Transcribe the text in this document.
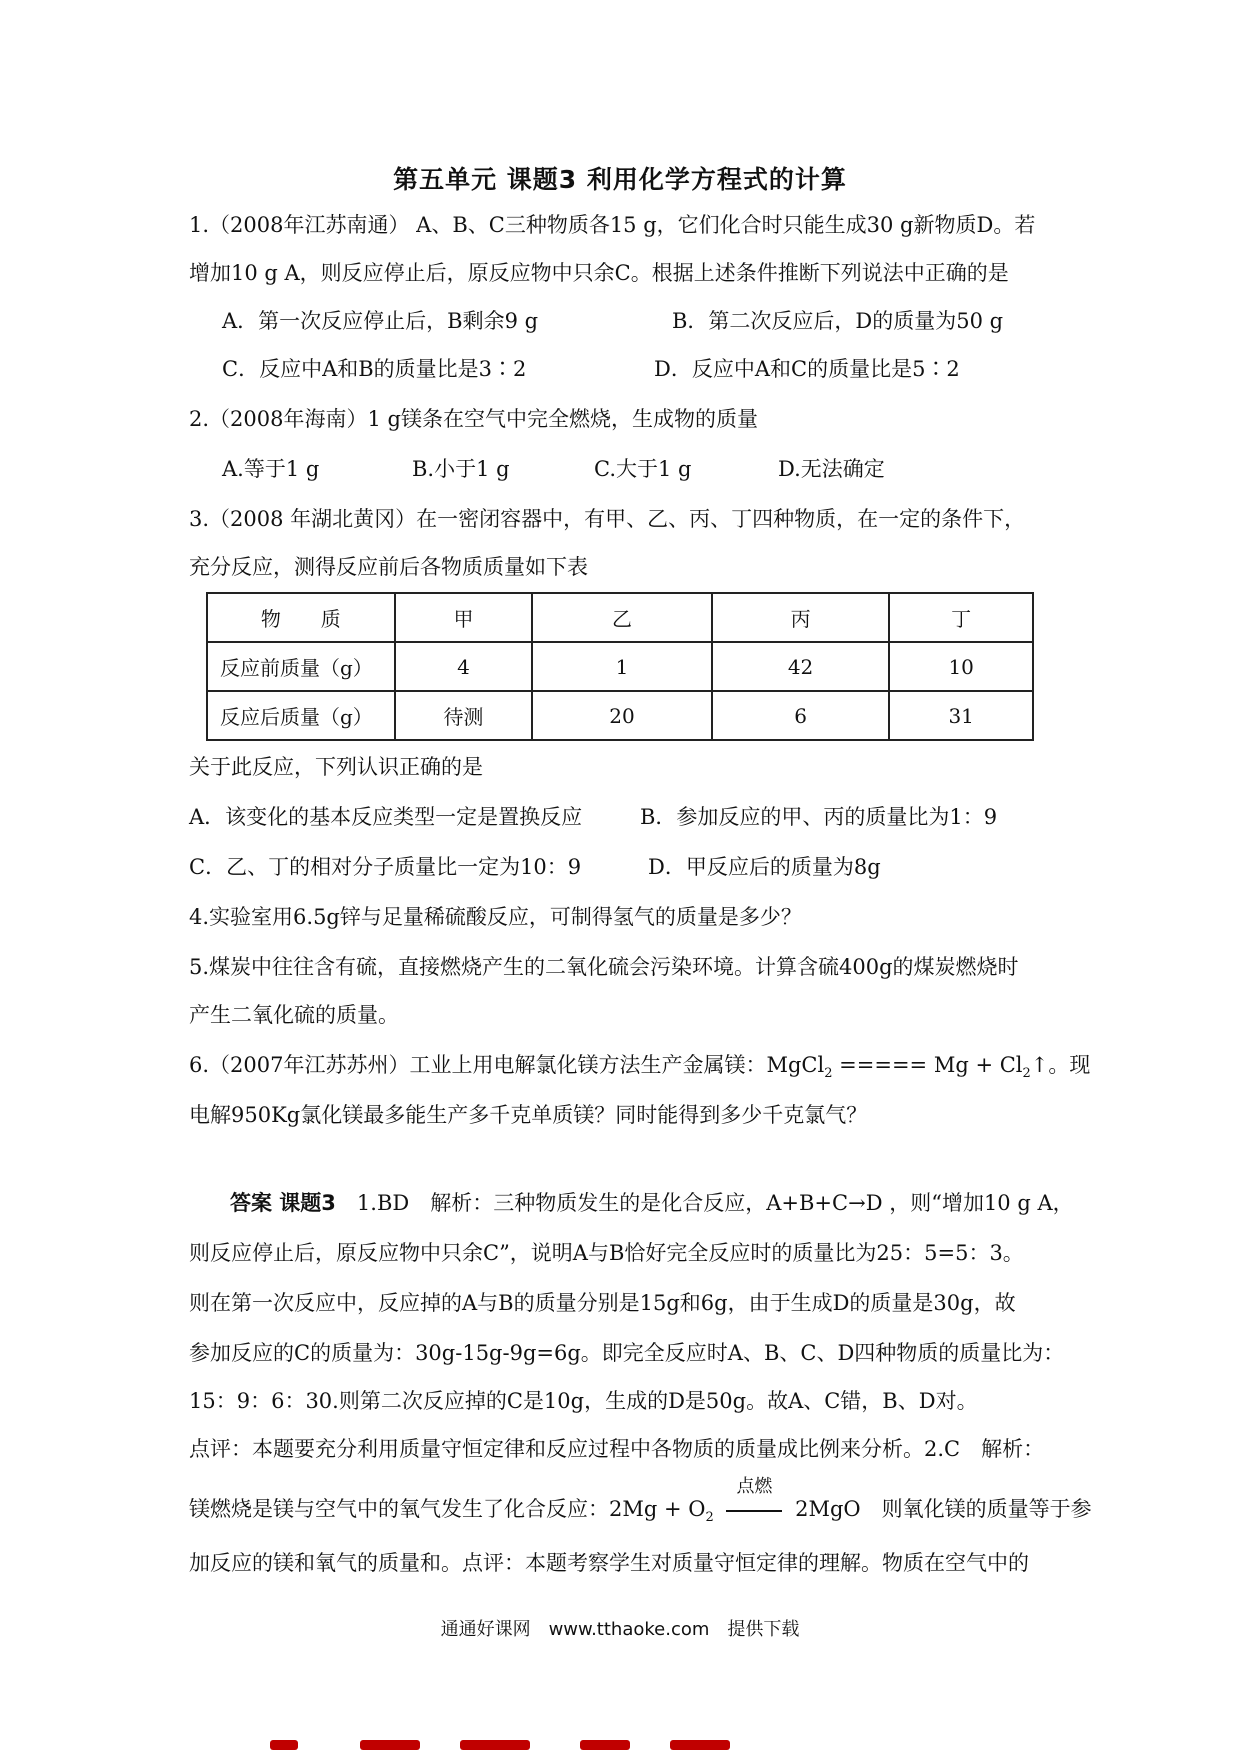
第五单元 课题3 利用化学方程式的计算
1.（2008年江苏南通） A、B、C三种物质各15 g，它们化合时只能生成30 g新物质D。若
增加10 g A，则反应停止后，原反应物中只余C。根据上述条件推断下列说法中正确的是
A．第一次反应停止后，B剩余9 g	B．第二次反应后，D的质量为50 g
C．反应中A和B的质量比是3∶2	D．反应中A和C的质量比是5∶2
2.（2008年海南）1 g镁条在空气中完全燃烧，生成物的质量
A.等于1 g	B.小于1 g	C.大于1 g	D.无法确定
3.（2008 年湖北黄冈）在一密闭容器中，有甲、乙、丙、丁四种物质，在一定的条件下，
充分反应，测得反应前后各物质质量如下表
物　　质	甲	乙	丙	丁
反应前质量（g）	4	1	42	10
反应后质量（g）	待测	20	6	31
关于此反应，下列认识正确的是
A．该变化的基本反应类型一定是置换反应	B．参加反应的甲、丙的质量比为1：9
C．乙、丁的相对分子质量比一定为10：9	D．甲反应后的质量为8g
4.实验室用6.5g锌与足量稀硫酸反应，可制得氢气的质量是多少？
5.煤炭中往往含有硫，直接燃烧产生的二氧化硫会污染环境。计算含硫400g的煤炭燃烧时
产生二氧化硫的质量。
6.（2007年江苏苏州）工业上用电解氯化镁方法生产金属镁：MgCl$_2$ ===== $Mg + Cl_2↑$。现
电解950Kg氯化镁最多能生产多千克单质镁？同时能得到多少千克氯气？
答案 课题3　1.BD　解析：三种物质发生的是化合反应，A+B+C→D ，则“增加10 g A，
则反应停止后，原反应物中只余C”，说明A与B恰好完全反应时的质量比为25：5=5：3。
则在第一次反应中，反应掉的A与B的质量分别是15g和6g，由于生成D的质量是30g，故
参加反应的C的质量为：30g-15g-9g=6g。即完全反应时A、B、C、D四种物质的质量比为：
15：9：6：30.则第二次反应掉的C是10g，生成的D是50g。故A、C错，B、D对。
点评：本题要充分利用质量守恒定律和反应过程中各物质的质量成比例来分析。2.C　解析：
镁燃烧是镁与空气中的氧气发生了化合反应：$2Mg + O_2$
点燃
2MgO　则氧化镁的质量等于参
加反应的镁和氧气的质量和。点评：本题考察学生对质量守恒定律的理解。物质在空气中的
通通好课网　www.tthaoke.com　提供下载
